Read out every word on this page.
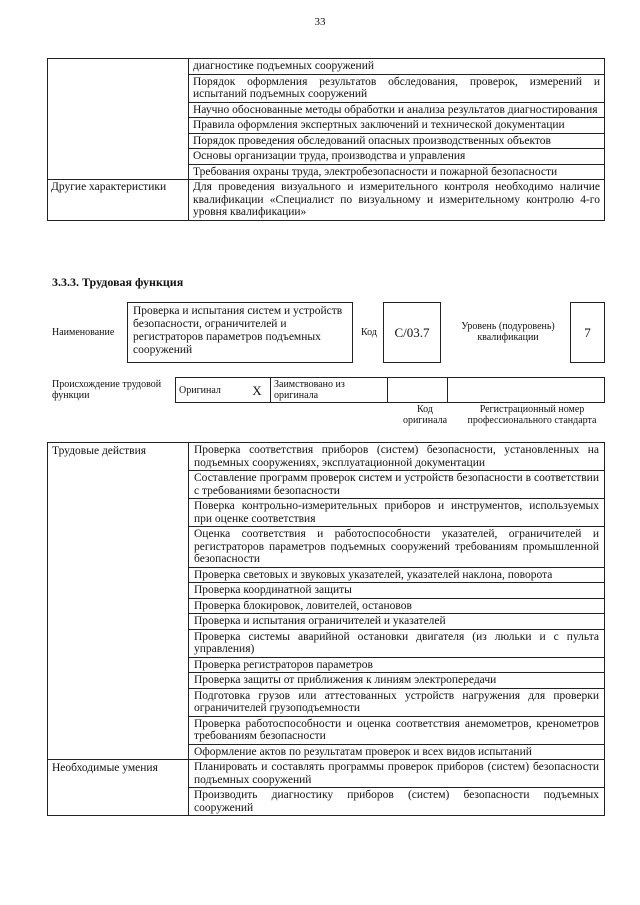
33
	диагностике подъемных сооружений
	Порядок оформления результатов обследования, проверок, измерений и испытаний подъемных сооружений
	Научно обоснованные методы обработки и анализа результатов диагностирования
	Правила оформления экспертных заключений и технической документации
	Порядок проведения обследований опасных производственных объектов
	Основы организации труда, производства и управления
	Требования охраны труда, электробезопасности и пожарной безопасности
Другие характеристики	Для проведения визуального и измерительного контроля необходимо наличие квалификации «Специалист по визуальному и измерительному контролю 4-го уровня квалификации»
3.3.3. Трудовая функция
Наименование
Проверка и испытания систем и устройств безопасности, ограничителей и регистраторов параметров подъемных сооружений
Код	C/03.7	Уровень (подуровень) квалификации	7
Происхождение трудовой функции	Оригинал	X	Заимствовано из оригинала		
Код оригинала
Регистрационный номер профессионального стандарта
Трудовые действия	Проверка соответствия приборов (систем) безопасности, установленных на подъемных сооружениях, эксплуатационной документации
	Составление программ проверок систем и устройств безопасности в соответствии с требованиями безопасности
	Поверка контрольно-измерительных приборов и инструментов, используемых при оценке соответствия
	Оценка соответствия и работоспособности указателей, ограничителей и регистраторов параметров подъемных сооружений требованиям промышленной безопасности
	Проверка световых и звуковых указателей, указателей наклона, поворота
	Проверка координатной защиты
	Проверка блокировок, ловителей, остановов
	Проверка и испытания ограничителей и указателей
	Проверка системы аварийной остановки двигателя (из люльки и с пульта управления)
	Проверка регистраторов параметров
	Проверка защиты от приближения к линиям электропередачи
	Подготовка грузов или аттестованных устройств нагружения для проверки ограничителей грузоподъемности
	Проверка работоспособности и оценка соответствия анемометров, кренометров требованиям безопасности
	Оформление актов по результатам проверок и всех видов испытаний
Необходимые умения	Планировать и составлять программы проверок приборов (систем) безопасности подъемных сооружений
	Производить диагностику приборов (систем) безопасности подъемных сооружений
